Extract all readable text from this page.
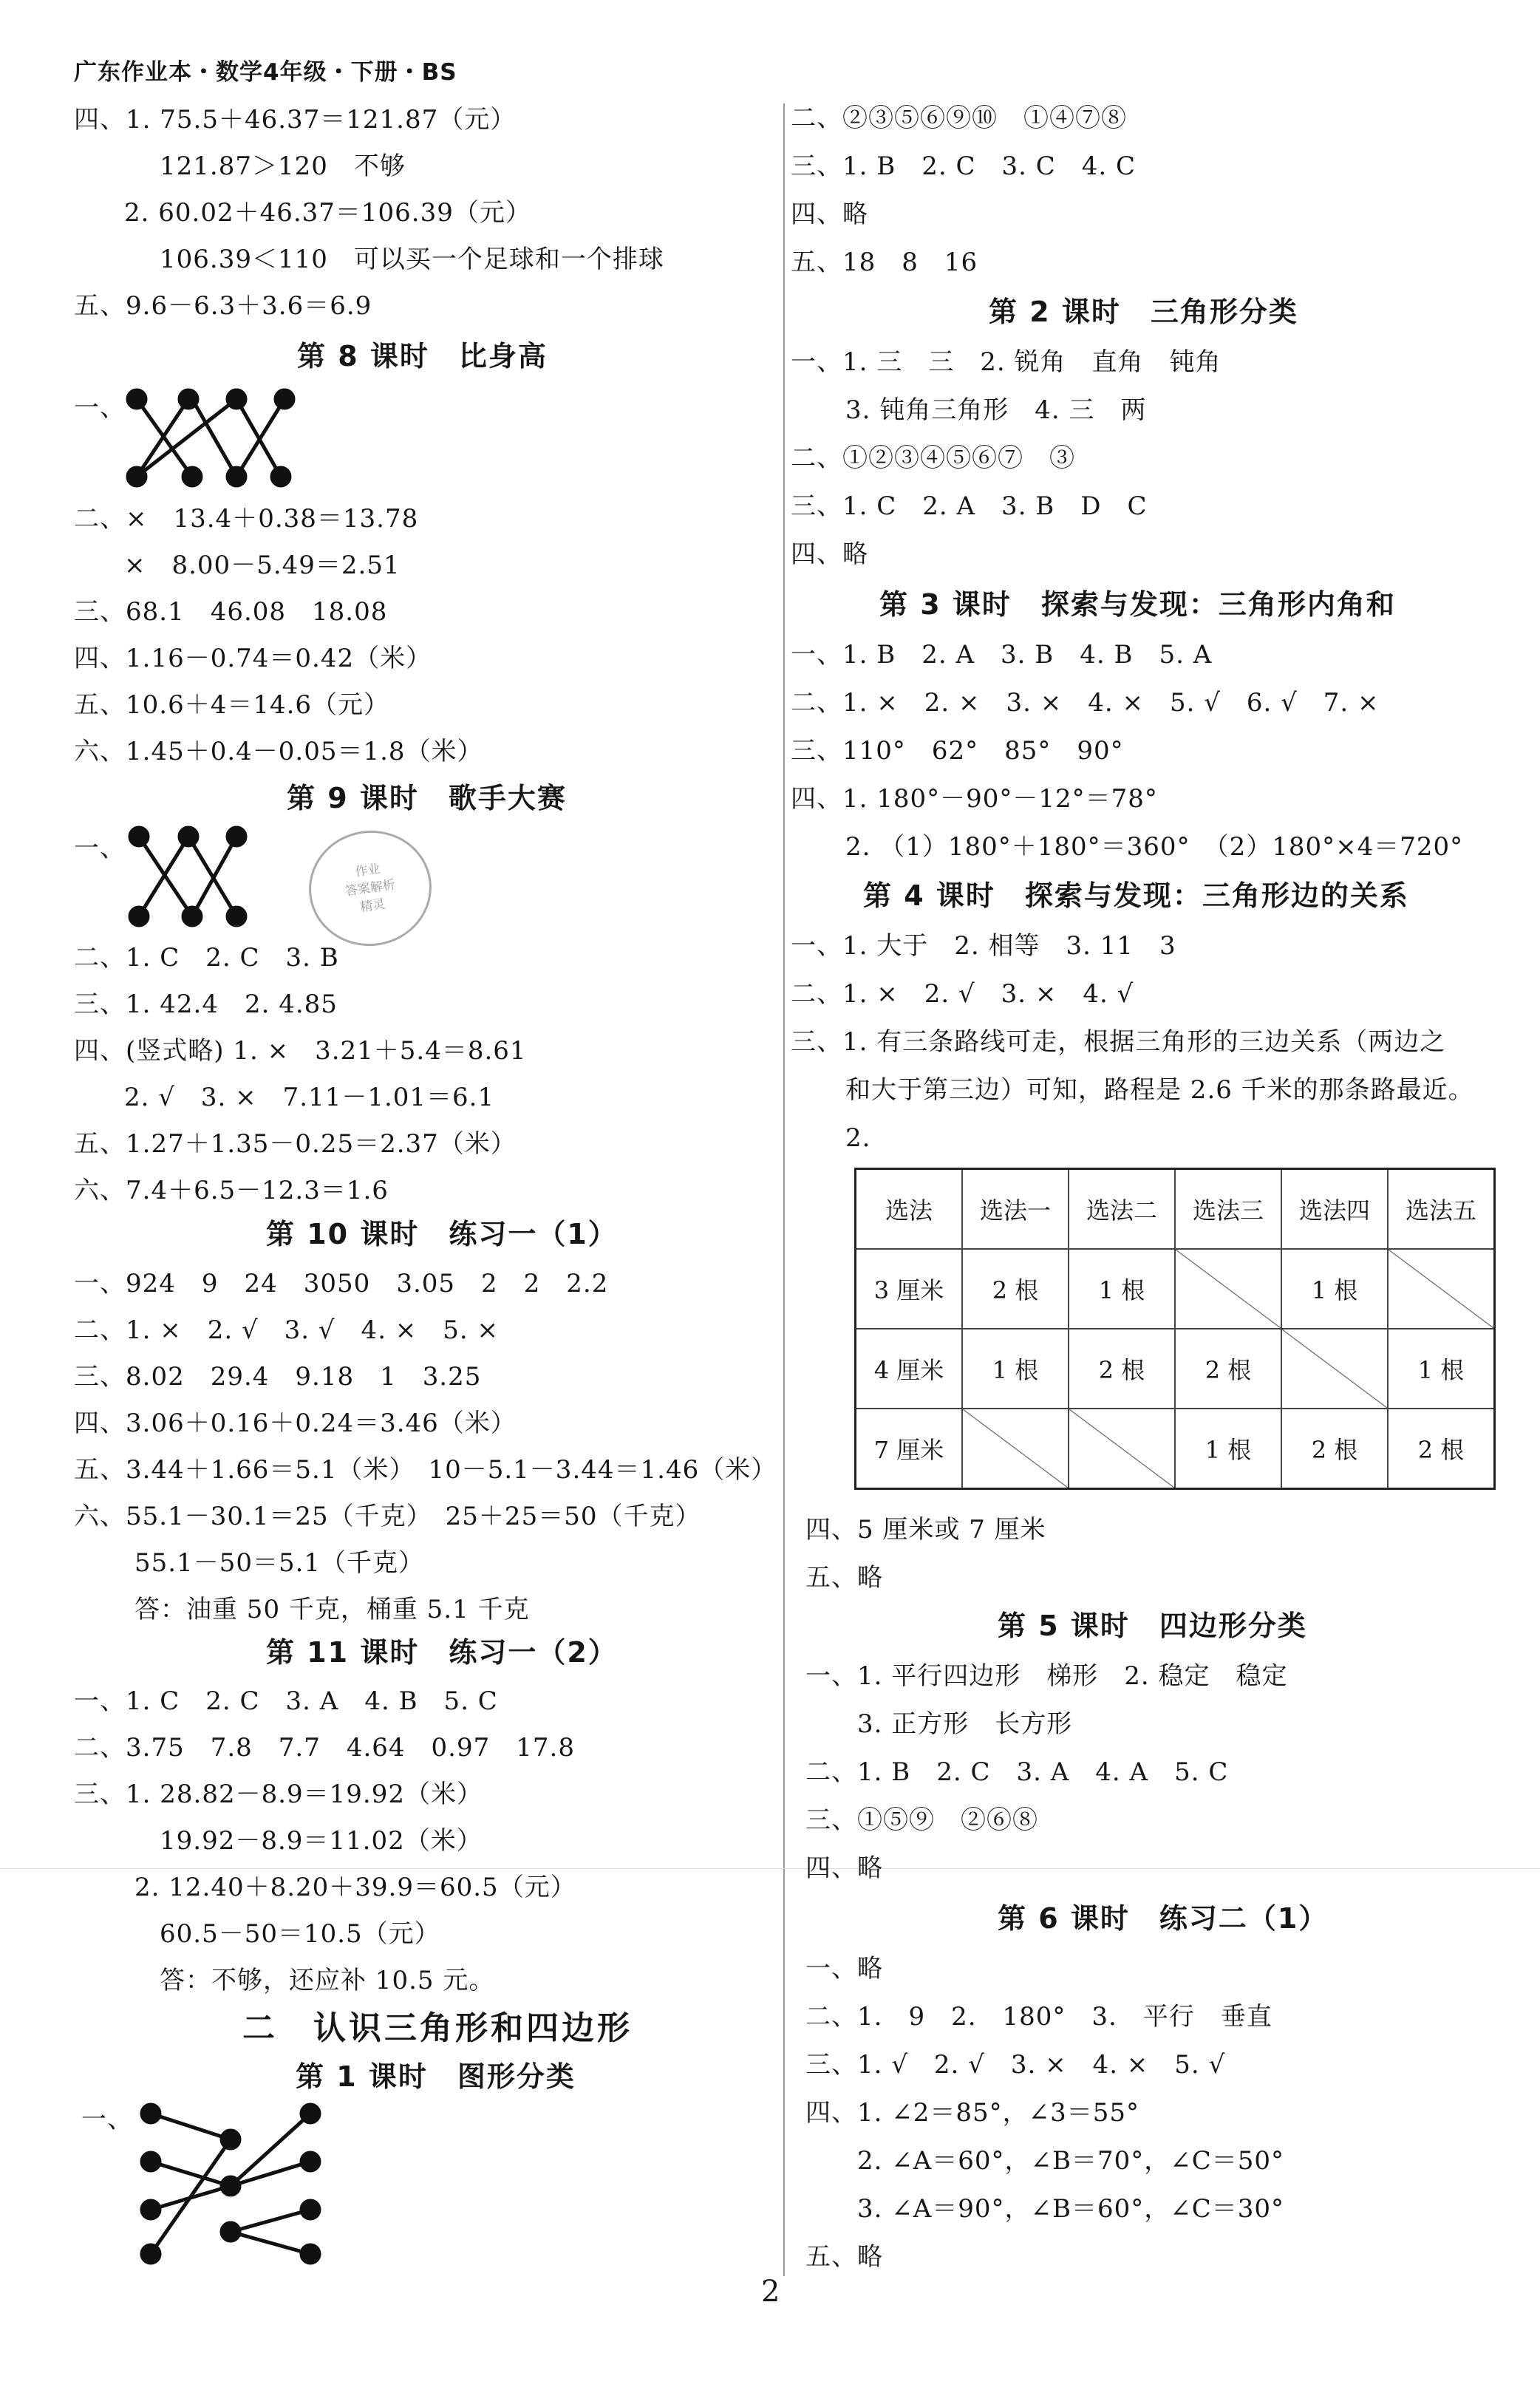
广东作业本・数学4年级・下册・BS
四、1. 75.5＋46.37＝121.87（元）
121.87＞120　不够
2. 60.02＋46.37＝106.39（元）
106.39＜110　可以买一个足球和一个排球
五、9.6－6.3＋3.6＝6.9
第 8 课时　比身高
一、
二、×　13.4＋0.38＝13.78
×　8.00－5.49＝2.51
三、68.1　46.08　18.08
四、1.16－0.74＝0.42（米）
五、10.6＋4＝14.6（元）
六、1.45＋0.4－0.05＝1.8（米）
第 9 课时　歌手大赛
一、
作业
答案解析
精灵
二、1. C　2. C　3. B
三、1. 42.4　2. 4.85
四、(竖式略) 1. ×　3.21＋5.4＝8.61
2. √　3. ×　7.11－1.01＝6.1
五、1.27＋1.35－0.25＝2.37（米）
六、7.4＋6.5－12.3＝1.6
第 10 课时　练习一（1）
一、924　9　24　3050　3.05　2　2　2.2
二、1. ×　2. √　3. √　4. ×　5. ×
三、8.02　29.4　9.18　1　3.25
四、3.06＋0.16＋0.24＝3.46（米）
五、3.44＋1.66＝5.1（米）　10－5.1－3.44＝1.46（米）
六、55.1－30.1＝25（千克）　25＋25＝50（千克）
55.1－50＝5.1（千克）
答：油重 50 千克，桶重 5.1 千克
第 11 课时　练习一（2）
一、1. C　2. C　3. A　4. B　5. C
二、3.75　7.8　7.7　4.64　0.97　17.8
三、1. 28.82－8.9＝19.92（米）
19.92－8.9＝11.02（米）
2. 12.40＋8.20＋39.9＝60.5（元）
60.5－50＝10.5（元）
答：不够，还应补 10.5 元。
二　认识三角形和四边形
第 1 课时　图形分类
一、
二、②③⑤⑥⑨⑩　①④⑦⑧
三、1. B　2. C　3. C　4. C
四、略
五、18　8　16
第 2 课时　三角形分类
一、1. 三　三　2. 锐角　直角　钝角
3. 钝角三角形　4. 三　两
二、①②③④⑤⑥⑦　③
三、1. C　2. A　3. B　D　C
四、略
第 3 课时　探索与发现：三角形内角和
一、1. B　2. A　3. B　4. B　5. A
二、1. ×　2. ×　3. ×　4. ×　5. √　6. √　7. ×
三、110°　62°　85°　90°
四、1. 180°－90°－12°＝78°
2. （1）180°＋180°＝360°　（2）180°×4＝720°
第 4 课时　探索与发现：三角形边的关系
一、1. 大于　2. 相等　3. 11　3
二、1. ×　2. √　3. ×　4. √
三、1. 有三条路线可走，根据三角形的三边关系（两边之
和大于第三边）可知，路程是 2.6 千米的那条路最近。
2.
选法	选法一	选法二	选法三	选法四	选法五
3 厘米	2 根	1 根		1 根	
4 厘米	1 根	2 根	2 根		1 根
7 厘米			1 根	2 根	2 根
四、5 厘米或 7 厘米
五、略
第 5 课时　四边形分类
一、1. 平行四边形　梯形　2. 稳定　稳定
3. 正方形　长方形
二、1. B　2. C　3. A　4. A　5. C
三、①⑤⑨　②⑥⑧
四、略
第 6 课时　练习二（1）
一、略
二、1.　9　2.　180°　3.　平行　垂直
三、1. √　2. √　3. ×　4. ×　5. √
四、1. ∠2＝85°，∠3＝55°
2. ∠A＝60°，∠B＝70°，∠C＝50°
3. ∠A＝90°，∠B＝60°，∠C＝30°
五、略
2
